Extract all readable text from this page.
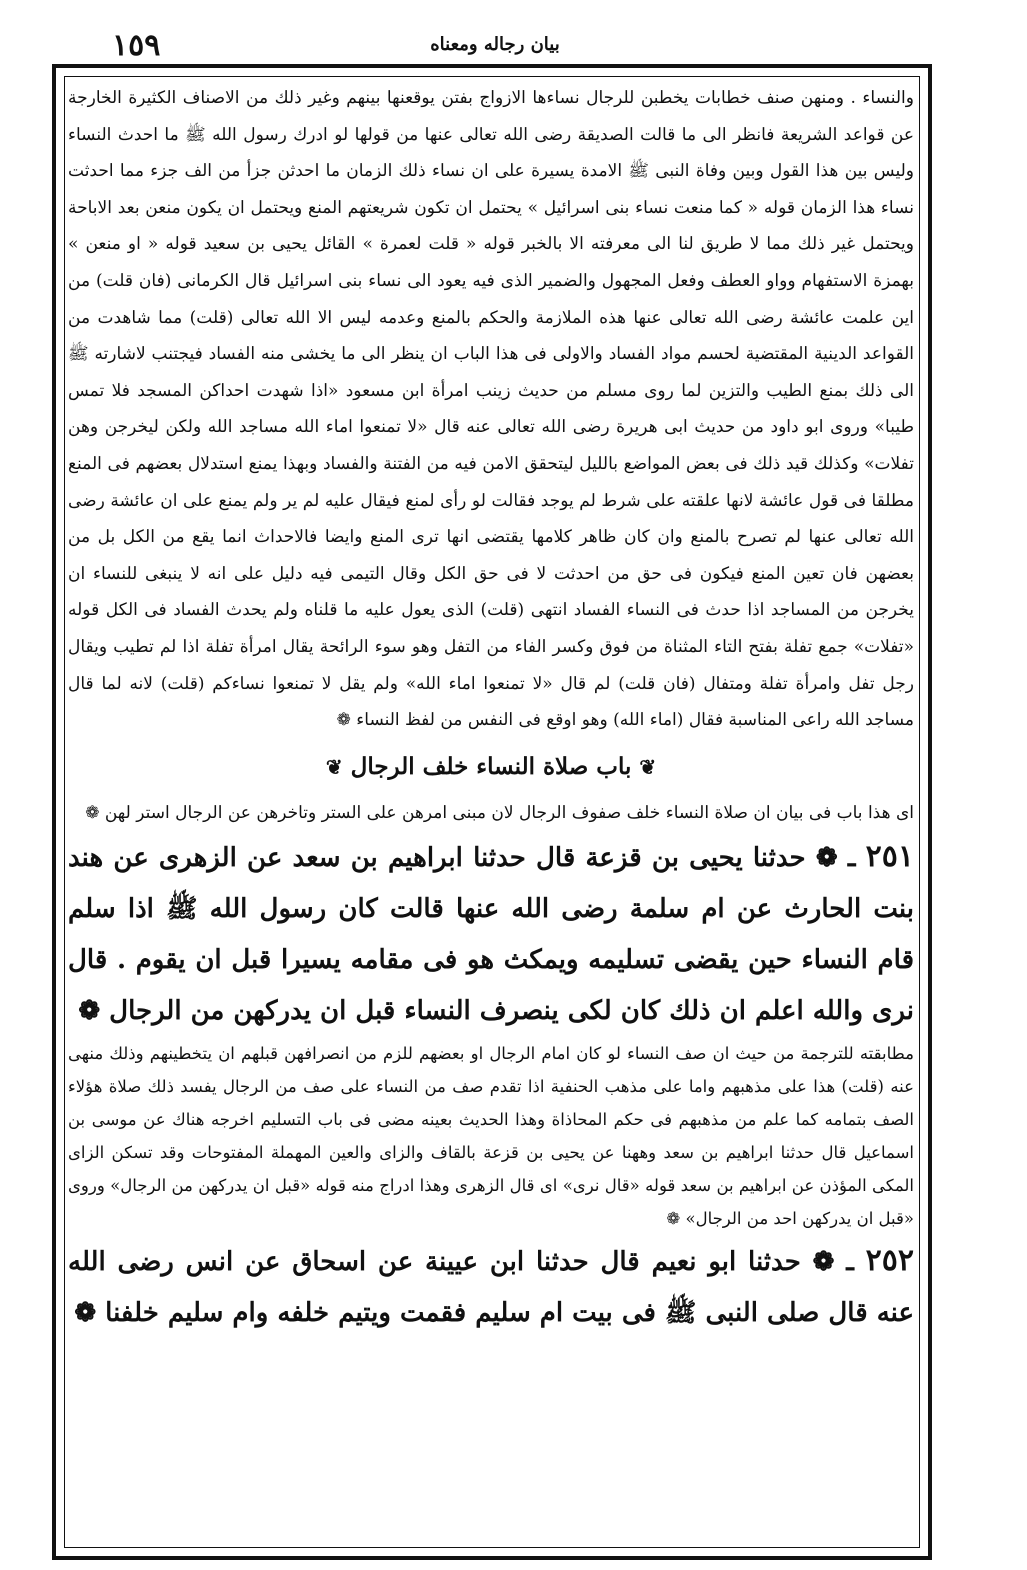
١٥٩	بيان رجاله ومعناه

والنساء . ومنهن صنف خطابات يخطبن للرجال نساءها الازواج بفتن يوقعنها بينهم وغير ذلك من الاصناف الكثيرة الخارجة عن قواعد الشريعة فانظر الى ما قالت الصديقة رضى الله تعالى عنها من قولها لو ادرك رسول الله ﷺ ما احدث النساء وليس بين هذا القول وبين وفاة النبى ﷺ الامدة يسيرة على ان نساء ذلك الزمان ما احدثن جزأ من الف جزء مما احدثت نساء هذا الزمان قوله « كما منعت نساء بنى اسرائيل » يحتمل ان تكون شريعتهم المنع ويحتمل ان يكون منعن بعد الاباحة ويحتمل غير ذلك مما لا طريق لنا الى معرفته الا بالخبر قوله « قلت لعمرة » القائل يحيى بن سعيد قوله « او منعن » بهمزة الاستفهام وواو العطف وفعل المجهول والضمير الذى فيه يعود الى نساء بنى اسرائيل قال الكرمانى (فان قلت) من اين علمت عائشة رضى الله تعالى عنها هذه الملازمة والحكم بالمنع وعدمه ليس الا الله تعالى (قلت) مما شاهدت من القواعد الدينية المقتضية لحسم مواد الفساد والاولى فى هذا الباب ان ينظر الى ما يخشى منه الفساد فيجتنب لاشارته ﷺ الى ذلك بمنع الطيب والتزين لما روى مسلم من حديث زينب امرأة ابن مسعود «اذا شهدت احداكن المسجد فلا تمس طيبا» وروى ابو داود من حديث ابى هريرة رضى الله تعالى عنه قال «لا تمنعوا اماء الله مساجد الله ولكن ليخرجن وهن تفلات» وكذلك قيد ذلك فى بعض المواضع بالليل ليتحقق الامن فيه من الفتنة والفساد وبهذا يمنع استدلال بعضهم فى المنع مطلقا فى قول عائشة لانها علقته على شرط لم يوجد فقالت لو رأى لمنع فيقال عليه لم ير ولم يمنع على ان عائشة رضى الله تعالى عنها لم تصرح بالمنع وان كان ظاهر كلامها يقتضى انها ترى المنع وايضا فالاحداث انما يقع من الكل بل من بعضهن فان تعين المنع فيكون فى حق من احدثت لا فى حق الكل وقال التيمى فيه دليل على انه لا ينبغى للنساء ان يخرجن من المساجد اذا حدث فى النساء الفساد انتهى (قلت) الذى يعول عليه ما قلناه ولم يحدث الفساد فى الكل قوله «تفلات» جمع تفلة بفتح التاء المثناة من فوق وكسر الفاء من التفل وهو سوء الرائحة يقال امرأة تفلة اذا لم تطيب ويقال رجل تفل وامرأة تفلة ومتفال (فان قلت) لم قال «لا تمنعوا اماء الله» ولم يقل لا تمنعوا نساءكم (قلت) لانه لما قال مساجد الله راعى المناسبة فقال (اماء الله) وهو اوقع فى النفس من لفظ النساء ❁

❦باب صلاة النساء خلف الرجال❦

اى هذا باب فى بيان ان صلاة النساء خلف صفوف الرجال لان مبنى امرهن على الستر وتاخرهن عن الرجال استر لهن ❁

٢٥١ ـ ❁ حدثنا يحيى بن قزعة قال حدثنا ابراهيم بن سعد عن الزهرى عن هند بنت الحارث عن ام سلمة رضى الله عنها قالت كان رسول الله ﷺ اذا سلم قام النساء حين يقضى تسليمه ويمكث هو فى مقامه يسيرا قبل ان يقوم . قال نرى والله اعلم ان ذلك كان لكى ينصرف النساء قبل ان يدركهن من الرجال ❁

مطابقته للترجمة من حيث ان صف النساء لو كان امام الرجال او بعضهم للزم من انصرافهن قبلهم ان يتخطينهم وذلك منهى عنه (قلت) هذا على مذهبهم واما على مذهب الحنفية اذا تقدم صف من النساء على صف من الرجال يفسد ذلك صلاة هؤلاء الصف بتمامه كما علم من مذهبهم فى حكم المحاذاة وهذا الحديث بعينه مضى فى باب التسليم اخرجه هناك عن موسى بن اسماعيل قال حدثنا ابراهيم بن سعد وههنا عن يحيى بن قزعة بالقاف والزاى والعين المهملة المفتوحات وقد تسكن الزاى المكى المؤذن عن ابراهيم بن سعد قوله «قال نرى» اى قال الزهرى وهذا ادراج منه قوله «قبل ان يدركهن من الرجال» وروى «قبل ان يدركهن احد من الرجال» ❁

٢٥٢ ـ ❁ حدثنا ابو نعيم قال حدثنا ابن عيينة عن اسحاق عن انس رضى الله عنه قال صلى النبى ﷺ فى بيت ام سليم فقمت ويتيم خلفه وام سليم خلفنا ❁
